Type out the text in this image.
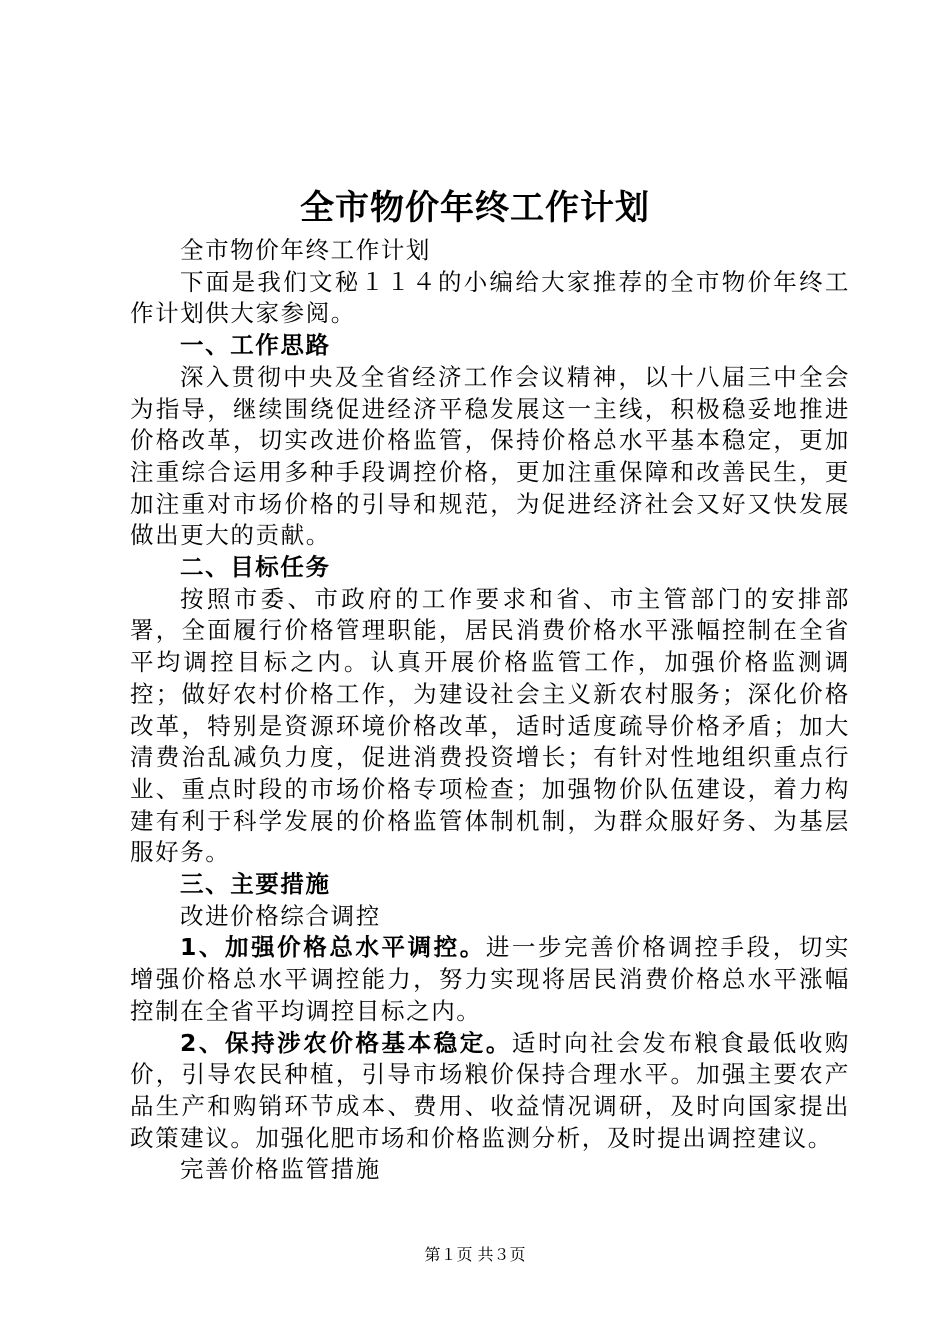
全市物价年终工作计划

全市物价年终工作计划

下面是我们文秘１１４的小编给大家推荐的全市物价年终工作计划供大家参阅。

一、工作思路

深入贯彻中央及全省经济工作会议精神，以十八届三中全会为指导，继续围绕促进经济平稳发展这一主线，积极稳妥地推进价格改革，切实改进价格监管，保持价格总水平基本稳定，更加注重综合运用多种手段调控价格，更加注重保障和改善民生，更加注重对市场价格的引导和规范，为促进经济社会又好又快发展做出更大的贡献。

二、目标任务

按照市委、市政府的工作要求和省、市主管部门的安排部署，全面履行价格管理职能，居民消费价格水平涨幅控制在全省平均调控目标之内。认真开展价格监管工作，加强价格监测调控；做好农村价格工作，为建设社会主义新农村服务；深化价格改革，特别是资源环境价格改革，适时适度疏导价格矛盾；加大清费治乱减负力度，促进消费投资增长；有针对性地组织重点行业、重点时段的市场价格专项检查；加强物价队伍建设，着力构建有利于科学发展的价格监管体制机制，为群众服好务、为基层服好务。

三、主要措施

改进价格综合调控

1、加强价格总水平调控。进一步完善价格调控手段，切实增强价格总水平调控能力，努力实现将居民消费价格总水平涨幅控制在全省平均调控目标之内。

2、保持涉农价格基本稳定。适时向社会发布粮食最低收购价，引导农民种植，引导市场粮价保持合理水平。加强主要农产品生产和购销环节成本、费用、收益情况调研，及时向国家提出政策建议。加强化肥市场和价格监测分析，及时提出调控建议。

完善价格监管措施

第１页 共３页
